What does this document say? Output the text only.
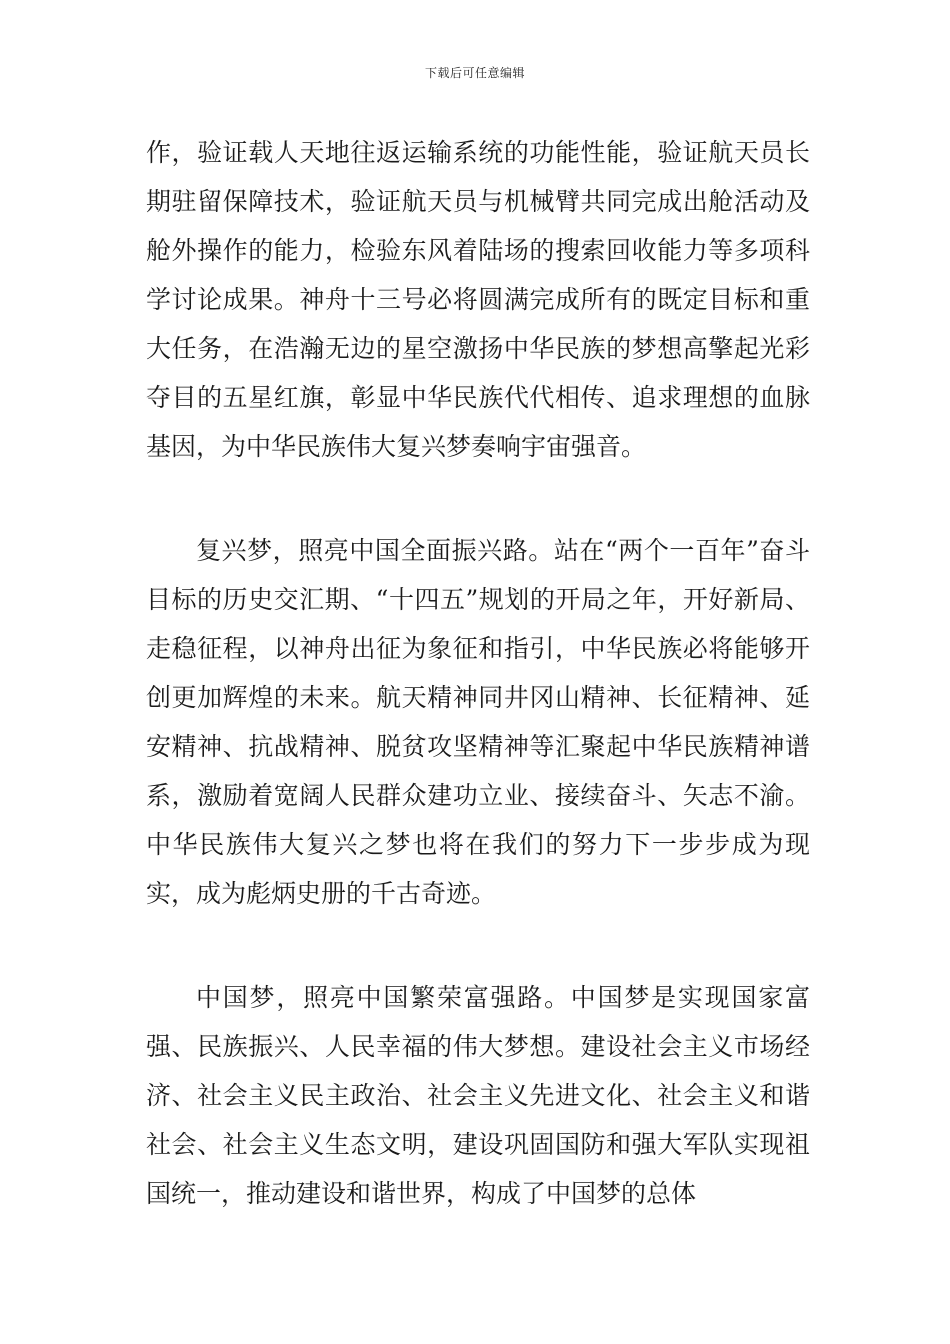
下载后可任意编辑

作，验证载人天地往返运输系统的功能性能，验证航天员长期驻留保障技术，验证航天员与机械臂共同完成出舱活动及舱外操作的能力，检验东风着陆场的搜索回收能力等多项科学讨论成果。神舟十三号必将圆满完成所有的既定目标和重大任务，在浩瀚无边的星空激扬中华民族的梦想高擎起光彩夺目的五星红旗，彰显中华民族代代相传、追求理想的血脉基因，为中华民族伟大复兴梦奏响宇宙强音。

复兴梦，照亮中国全面振兴路。站在“两个一百年”奋斗目标的历史交汇期、“十四五”规划的开局之年，开好新局、走稳征程，以神舟出征为象征和指引，中华民族必将能够开创更加辉煌的未来。航天精神同井冈山精神、长征精神、延安精神、抗战精神、脱贫攻坚精神等汇聚起中华民族精神谱系，激励着宽阔人民群众建功立业、接续奋斗、矢志不渝。中华民族伟大复兴之梦也将在我们的努力下一步步成为现实，成为彪炳史册的千古奇迹。

中国梦，照亮中国繁荣富强路。中国梦是实现国家富强、民族振兴、人民幸福的伟大梦想。建设社会主义市场经济、社会主义民主政治、社会主义先进文化、社会主义和谐社会、社会主义生态文明，建设巩固国防和强大军队实现祖国统一，推动建设和谐世界，构成了中国梦的总体
